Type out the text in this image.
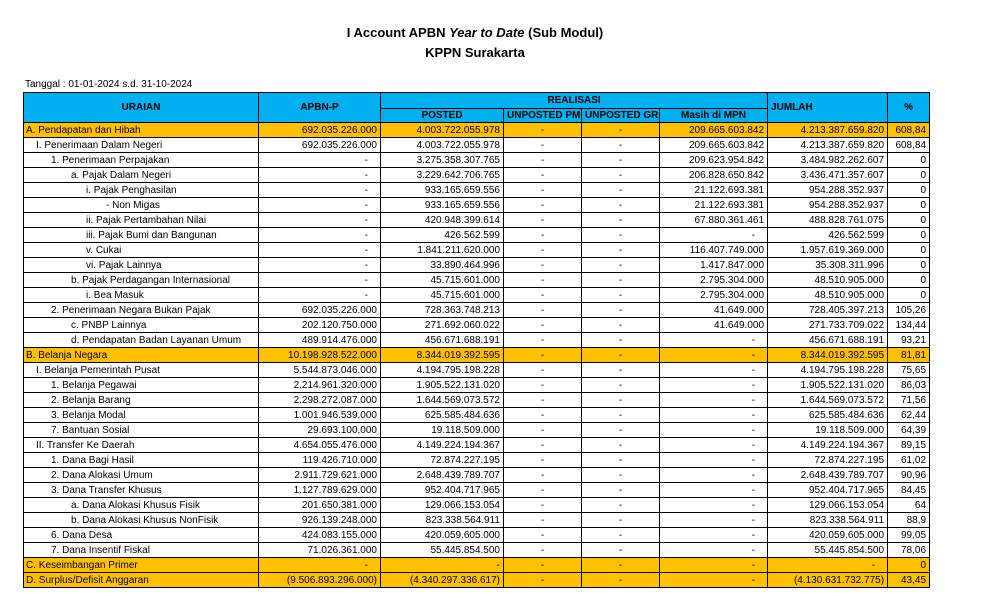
I Account APBN Year to Date (Sub Modul)
KPPN Surakarta
Tanggal : 01-01-2024 s.d. 31-10-2024
URAIAN	APBN-P	REALISASI				JUMLAH	%
		POSTED	UNPOSTED PM	UNPOSTED GR	Masih di MPN		
A. Pendapatan dan Hibah	692.035.226.000	4.003.722.055.978	-	-	209.665.603.842	4.213.387.659.820	608,84
I. Penerimaan Dalam Negeri	692.035.226.000	4.003.722.055.978	-	-	209.665.603.842	4.213.387.659.820	608,84
1. Penerimaan Perpajakan	-	3.275.358.307.765	-	-	209.623.954.842	3.484.982.262.607	0
a. Pajak Dalam Negeri	-	3.229.642.706.765	-	-	206.828.650.842	3.436.471.357.607	0
i. Pajak Penghasilan	-	933.165.659.556	-	-	21.122.693.381	954.288.352.937	0
- Non Migas	-	933.165.659.556	-	-	21.122.693.381	954.288.352.937	0
ii. Pajak Pertambahan Nilai	-	420.948.399.614	-	-	67.880.361.461	488.828.761.075	0
iii. Pajak Bumi dan Bangunan	-	426.562.599	-	-	-	426.562.599	0
v. Cukai	-	1.841.211.620.000	-	-	116.407.749.000	1.957.619.369.000	0
vi. Pajak Lainnya	-	33.890.464.996	-	-	1.417.847.000	35.308.311.996	0
b. Pajak Perdagangan Internasional	-	45.715.601.000	-	-	2.795.304.000	48.510.905.000	0
i. Bea Masuk	-	45.715.601.000	-	-	2.795.304.000	48.510.905.000	0
2. Penerimaan Negara Bukan Pajak	692.035.226.000	728.363.748.213	-	-	41.649.000	728.405.397.213	105,26
c. PNBP Lainnya	202.120.750.000	271.692.060.022	-	-	41.649.000	271.733.709.022	134,44
d. Pendapatan Badan Layanan Umum	489.914.476.000	456.671.688.191	-	-	-	456.671.688.191	93,21
B. Belanja Negara	10.198.928.522.000	8.344.019.392.595	-	-	-	8.344.019.392.595	81,81
I. Belanja Pemerintah Pusat	5.544.873.046.000	4.194.795.198.228	-	-	-	4.194.795.198.228	75,65
1. Belanja Pegawai	2.214.961.320.000	1.905.522.131.020	-	-	-	1.905.522.131.020	86,03
2. Belanja Barang	2.298.272.087.000	1.644.569.073.572	-	-	-	1.644.569.073.572	71,56
3. Belanja Modal	1.001.946.539.000	625.585.484.636	-	-	-	625.585.484.636	62,44
7. Bantuan Sosial	29.693.100.000	19.118.509.000	-	-	-	19.118.509.000	64,39
II. Transfer Ke Daerah	4.654.055.476.000	4.149.224.194.367	-	-	-	4.149.224.194.367	89,15
1. Dana Bagi Hasil	119.426.710.000	72.874.227.195	-	-	-	72.874.227.195	61,02
2. Dana Alokasi Umum	2.911.729.621.000	2.648.439.789.707	-	-	-	2.648.439.789.707	90,96
3. Dana Transfer Khusus	1.127.789.629.000	952.404.717.965	-	-	-	952.404.717.965	84,45
a. Dana Alokasi Khusus Fisik	201.650.381.000	129.066.153.054	-	-	-	129.066.153.054	64
b. Dana Alokasi Khusus NonFisik	926.139.248.000	823.338.564.911	-	-	-	823.338.564.911	88,9
6. Dana Desa	424.083.155.000	420.059.605.000	-	-	-	420.059.605.000	99,05
7. Dana Insentif Fiskal	71.026.361.000	55.445.854.500	-	-	-	55.445.854.500	78,06
C. Keseimbangan Primer	-	-	-	-	-	-	0
D. Surplus/Defisit Anggaran	(9.506.893.296.000)	(4.340.297.336.617)	-	-	-	(4.130.631.732.775)	43,45
